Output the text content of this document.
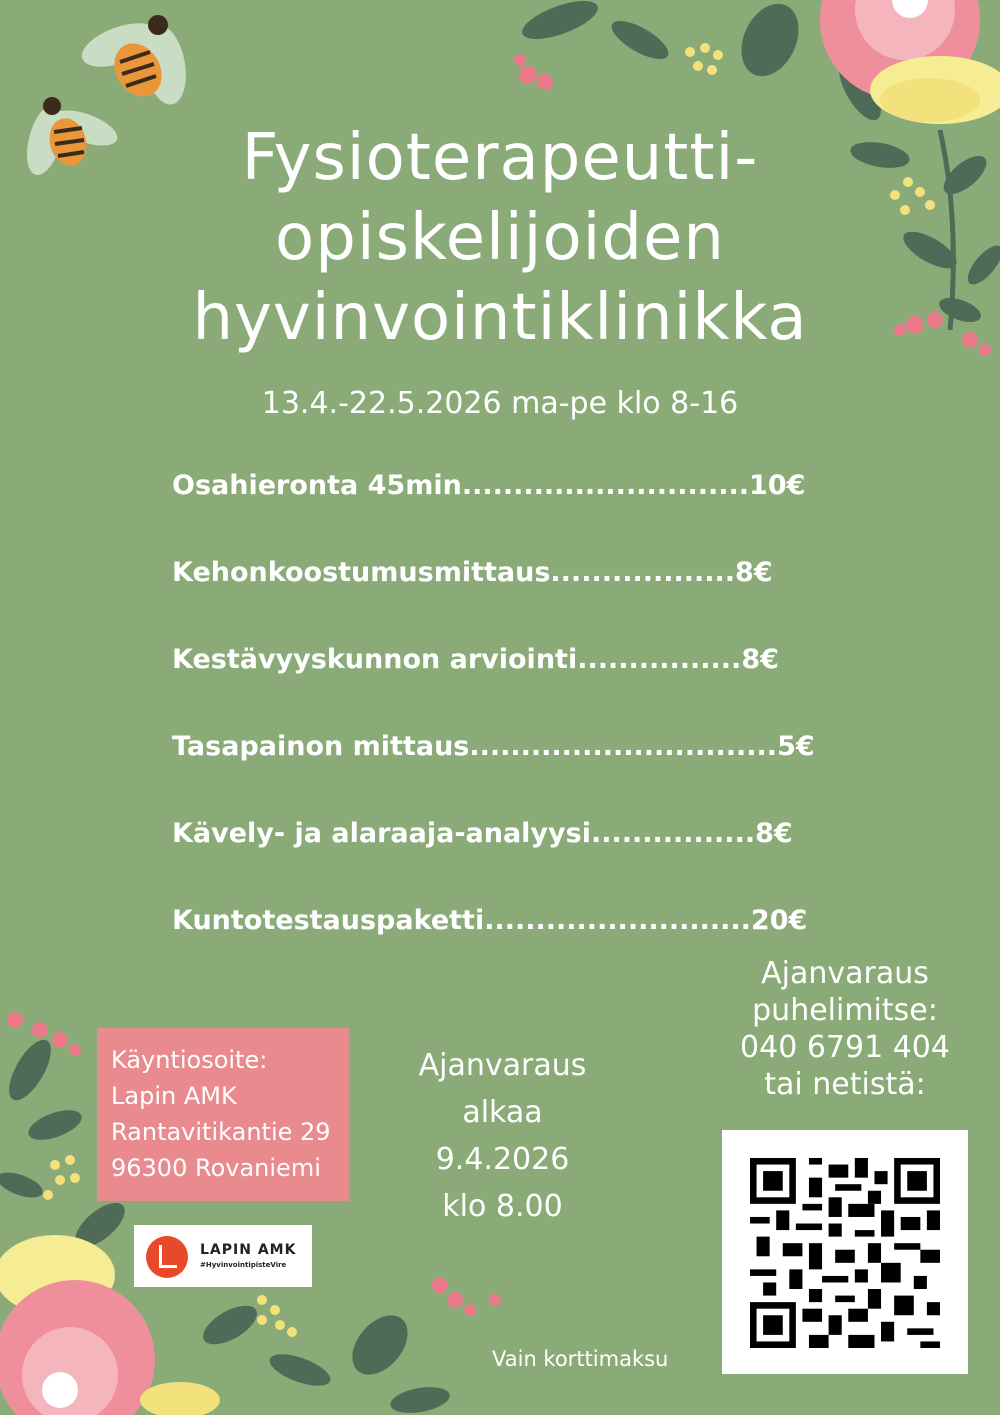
Fysioterapeutti-
opiskelijoiden
hyvinvointiklinikka
13.4.-22.5.2026 ma-pe klo 8-16
Osahieronta 45min ............................ 10€
Kehonkoostumusmittaus .................. 8€
Kestävyyskunnon arviointi ................ 8€
Tasapainon mittaus .............................. 5€
Kävely- ja alaraaja-analyysi ................ 8€
Kuntotestauspaketti .......................... 20€
Ajanvaraus
puhelimitse:
040 6791 404
tai netistä:
Käyntiosoite:
Lapin AMK
Rantavitikantie 29
96300 Rovaniemi
Ajanvaraus
alkaa
9.4.2026
klo 8.00
LAPIN AMK
#HyvinvointipisteVire
Vain korttimaksu
